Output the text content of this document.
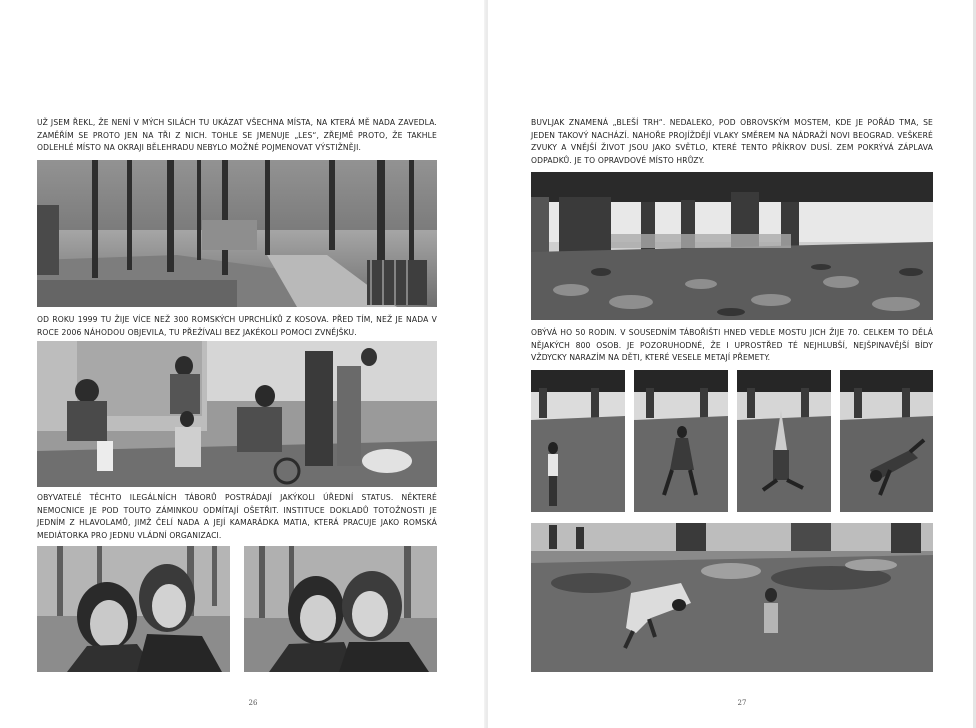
UŽ JSEM ŘEKL, ŽE NENÍ V MÝCH SILÁCH TU UKÁZAT VŠECHNA MÍSTA, NA KTERÁ MĚ NADA ZAVEDLA. ZAMĚŘÍM SE PROTO JEN NA TŘI Z NICH. TOHLE SE JMENUJE „LES“, ZŘEJMĚ PROTO, ŽE TAKHLE ODLEHLÉ MÍSTO NA OKRAJI BĚLEHRADU NEBYLO MOŽNÉ POJMENOVAT VÝSTIŽNĚJI.

OD ROKU 1999 TU ŽIJE VÍCE NEŽ 300 ROMSKÝCH UPRCHLÍKŮ Z KOSOVA. PŘED TÍM, NEŽ JE NADA V ROCE 2006 NÁHODOU OBJEVILA, TU PŘEŽÍVALI BEZ JAKÉKOLI POMOCI ZVNĚJŠKU.

OBYVATELÉ TĚCHTO ILEGÁLNÍCH TÁBORŮ POSTRÁDAJÍ JAKÝKOLI ÚŘEDNÍ STATUS. NĚKTERÉ NEMOCNICE JE POD TOUTO ZÁMINKOU ODMÍTAJÍ OŠETŘIT. INSTITUCE DOKLADŮ TOTOŽNOSTI JE JEDNÍM Z HLAVOLAMŮ, JIMŽ ČELÍ NADA A JEJÍ KAMARÁDKA MATIA, KTERÁ PRACUJE JAKO ROMSKÁ MEDIÁTORKA PRO JEDNU VLÁDNÍ ORGANIZACI.

26

BUVLJAK ZNAMENÁ „BLEŠÍ TRH“. NEDALEKO, POD OBROVSKÝM MOSTEM, KDE JE POŘÁD TMA, SE JEDEN TAKOVÝ NACHÁZÍ. NAHOŘE PROJÍŽDĚJÍ VLAKY SMĚREM NA NÁDRAŽÍ NOVI BEOGRAD. VEŠKERÉ ZVUKY A VNĚJŠÍ ŽIVOT JSOU JAKO SVĚTLO, KTERÉ TENTO PŘÍKROV DUSÍ. ZEM POKRÝVÁ ZÁPLAVA ODPADKŮ. JE TO OPRAVDOVÉ MÍSTO HRŮZY.

OBÝVÁ HO 50 RODIN. V SOUSEDNÍM TÁBOŘIŠTI HNED VEDLE MOSTU JICH ŽIJE 70. CELKEM TO DĚLÁ NĚJAKÝCH 800 OSOB. JE POZORUHODNÉ, ŽE I UPROSTŘED TÉ NEJHLUBŠÍ, NEJŠPINAVĚJŠÍ BÍDY VŽDYCKY NARAZÍM NA DĚTI, KTERÉ VESELE METAJÍ PŘEMETY.

27
